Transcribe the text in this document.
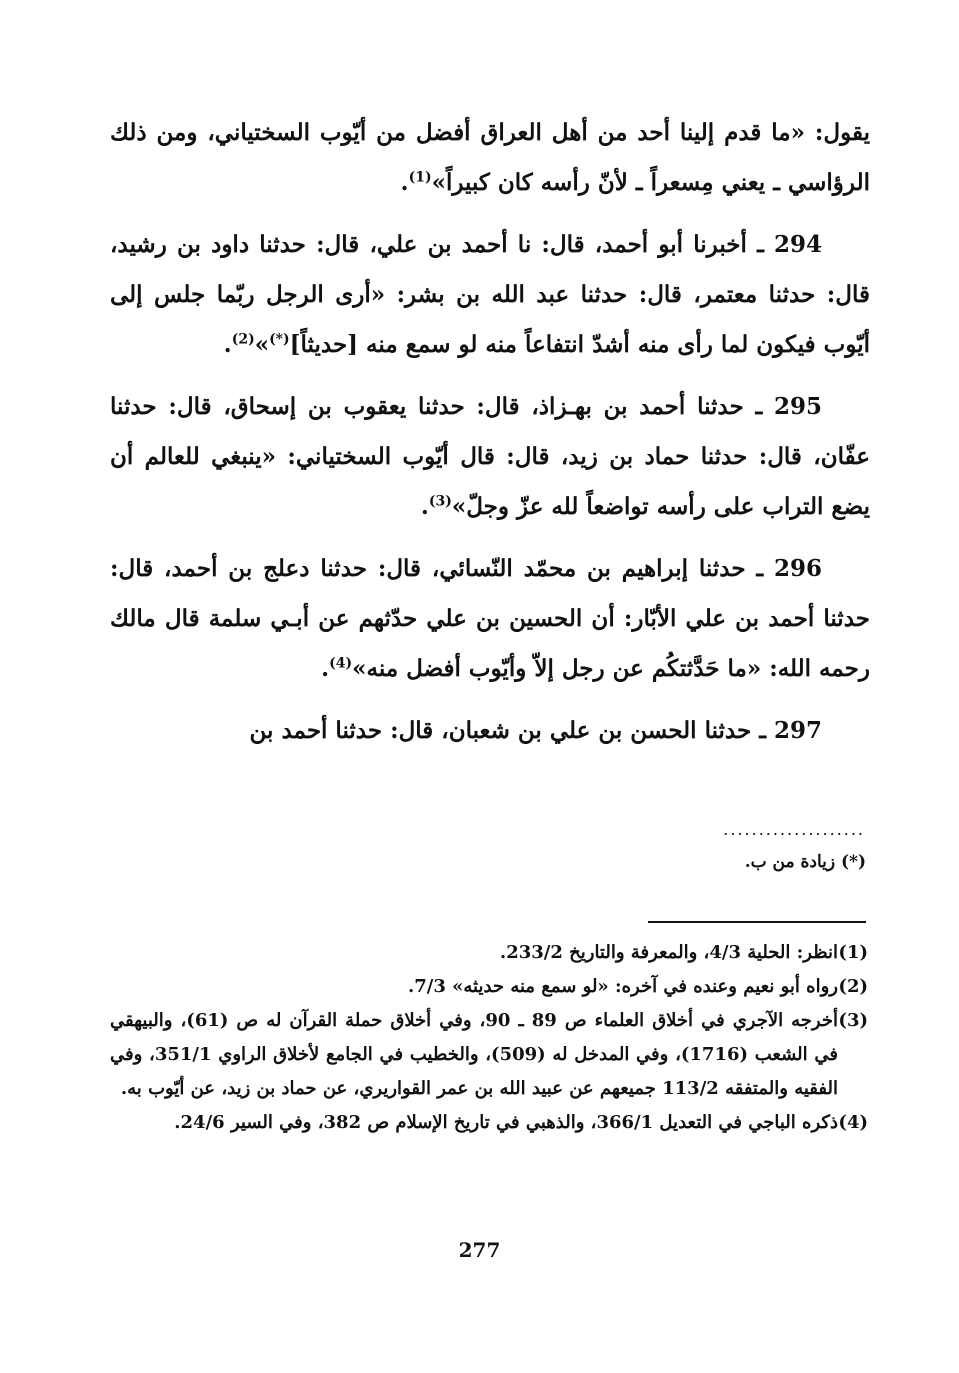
يقول: «ما قدم إلينا أحد من أهل العراق أفضل من أيّوب السختياني، ومن ذلك الرؤاسي ـ يعني مِسعراً ـ لأنّ رأسه كان كبيراً»$^{(1)}$.

294 ـ أخبرنا أبو أحمد، قال: نا أحمد بن علي، قال: حدثنا داود بن رشيد، قال: حدثنا معتمر، قال: حدثنا عبد الله بن بشر: «أرى الرجل ربّما جلس إلى أيّوب فيكون لما رأى منه أشدّ انتفاعاً منه لو سمع منه [حديثاً](*)»$^{(2)}$.

295 ـ حدثنا أحمد بن بهـزاذ، قال: حدثنا يعقوب بن إسحاق، قال: حدثنا عفّان، قال: حدثنا حماد بن زيد، قال: قال أيّوب السختياني: «ينبغي للعالم أن يضع التراب على رأسه تواضعاً لله عزّ وجلّ»$^{(3)}$.

296 ـ حدثنا إبراهيم بن محمّد النّسائي، قال: حدثنا دعلج بن أحمد، قال: حدثنا أحمد بن علي الأبّار: أن الحسين بن علي حدّثهم عن أبـي سلمة قال مالك رحمه الله: «ما حَدَّثتكُم عن رجل إلاّ وأيّوب أفضل منه»$^{(4)}$.

297 ـ حدثنا الحسن بن علي بن شعبان، قال: حدثنا أحمد بن

....................
(*) زيادة من ب.

(1)
انظر: الحلية 4/3، والمعرفة والتاريخ 233/2.

(2)
رواه أبو نعيم وعنده في آخره: «لو سمع منه حديثه» 7/3.

(3)
أخرجه الآجري في أخلاق العلماء ص 89 ـ 90، وفي أخلاق حملة القرآن له ص (61)، والبيهقي في الشعب (1716)، وفي المدخل له (509)، والخطيب في الجامع لأخلاق الراوي 351/1، وفي الفقيه والمتفقه 113/2 جميعهم عن عبيد الله بن عمر القواريري، عن حماد بن زيد، عن أيّوب به.

(4)
ذكره الباجي في التعديل 366/1، والذهبي في تاريخ الإسلام ص 382، وفي السير 24/6.

277
